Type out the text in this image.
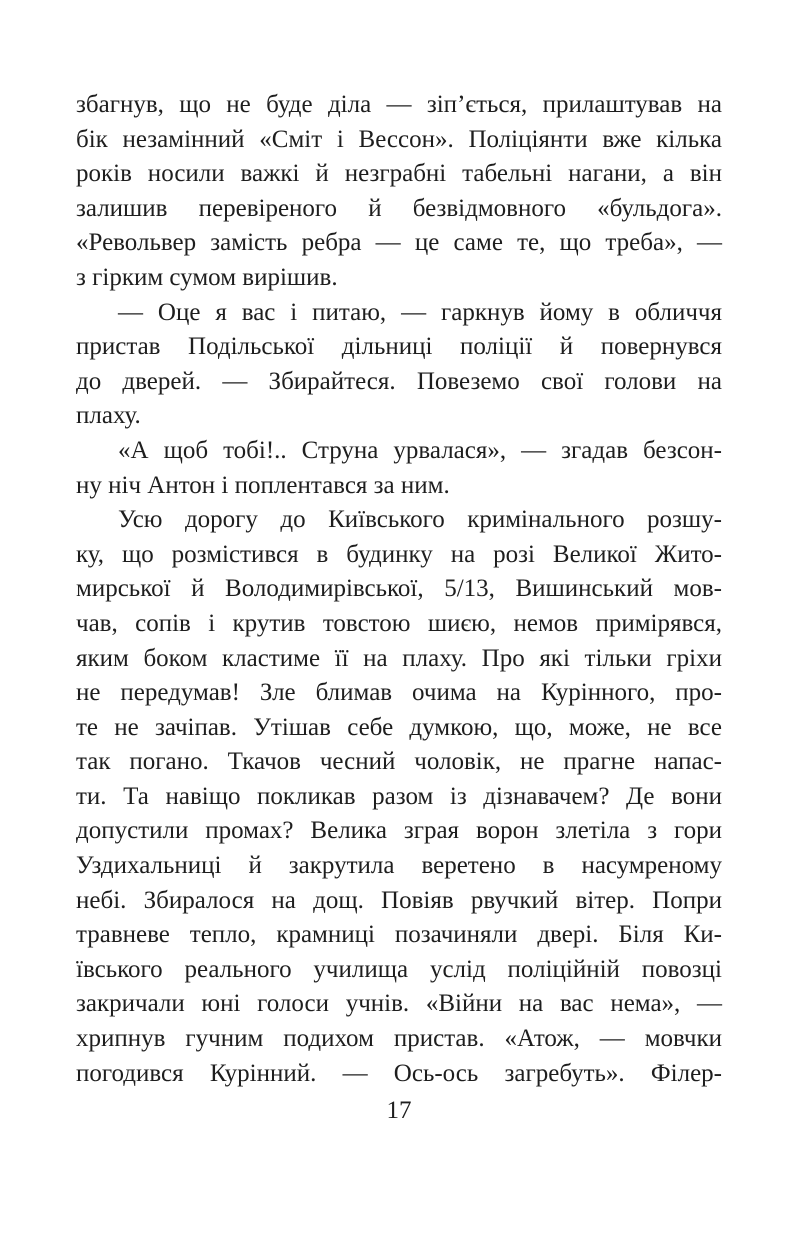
збагнув, що не буде діла — зіп’ється, прилаштував на
бік незамінний «Сміт і Вессон». Поліціянти вже кілька
років носили важкі й незграбні табельні нагани, а він
залишив перевіреного й безвідмовного «бульдога».
«Револьвер замість ребра — це саме те, що треба», —
з гірким сумом вирішив.
— Оце я вас і питаю, — гаркнув йому в обличчя
пристав Подільської дільниці поліції й повернувся
до дверей. — Збирайтеся. Повеземо свої голови на
плаху.
«А щоб тобі!.. Струна урвалася», — згадав безсон-
ну ніч Антон і поплентався за ним.
Усю дорогу до Київського кримінального розшу-
ку, що розмістився в будинку на розі Великої Жито-
мирської й Володимирівської, 5/13, Вишинський мов-
чав, сопів і крутив товстою шиєю, немов примірявся,
яким боком кластиме її на плаху. Про які тільки гріхи
не передумав! Зле блимав очима на Курінного, про-
те не зачіпав. Утішав себе думкою, що, може, не все
так погано. Ткачов чесний чоловік, не прагне напас-
ти. Та навіщо покликав разом із дізнавачем? Де вони
допустили промах? Велика зграя ворон злетіла з гори
Уздихальниці й закрутила веретено в насумреному
небі. Збиралося на дощ. Повіяв рвучкий вітер. Попри
травневе тепло, крамниці позачиняли двері. Біля Ки-
ївського реального училища услід поліційній повозці
закричали юні голоси учнів. «Війни на вас нема», —
хрипнув гучним подихом пристав. «Атож, — мовчки
погодився Курінний. — Ось-ось загребуть». Філер-
17
